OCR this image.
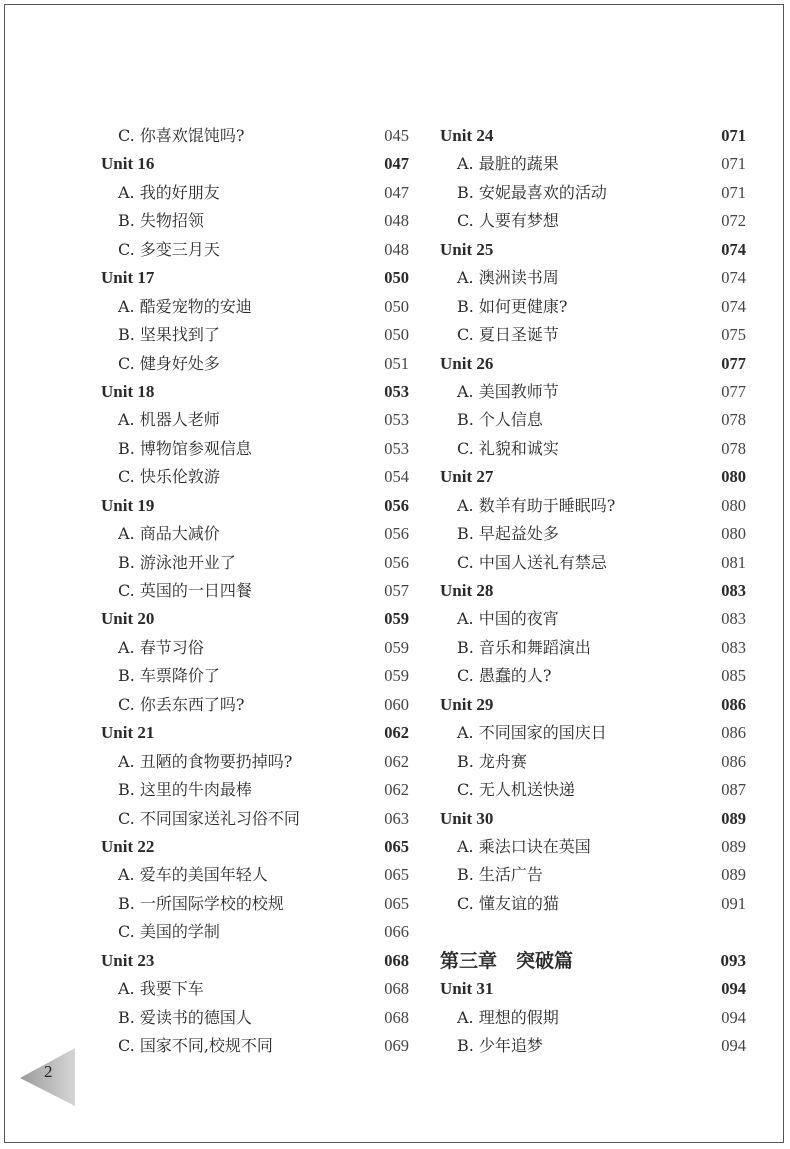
C. 你喜欢馄饨吗?	045
Unit 16	047
A. 我的好朋友	047
B. 失物招领	048
C. 多变三月天	048
Unit 17	050
A. 酷爱宠物的安迪	050
B. 坚果找到了	050
C. 健身好处多	051
Unit 18	053
A. 机器人老师	053
B. 博物馆参观信息	053
C. 快乐伦敦游	054
Unit 19	056
A. 商品大减价	056
B. 游泳池开业了	056
C. 英国的一日四餐	057
Unit 20	059
A. 春节习俗	059
B. 车票降价了	059
C. 你丢东西了吗?	060
Unit 21	062
A. 丑陋的食物要扔掉吗?	062
B. 这里的牛肉最棒	062
C. 不同国家送礼习俗不同	063
Unit 22	065
A. 爱车的美国年轻人	065
B. 一所国际学校的校规	065
C. 美国的学制	066
Unit 23	068
A. 我要下车	068
B. 爱读书的德国人	068
C. 国家不同,校规不同	069
Unit 24	071
A. 最脏的蔬果	071
B. 安妮最喜欢的活动	071
C. 人要有梦想	072
Unit 25	074
A. 澳洲读书周	074
B. 如何更健康?	074
C. 夏日圣诞节	075
Unit 26	077
A. 美国教师节	077
B. 个人信息	078
C. 礼貌和诚实	078
Unit 27	080
A. 数羊有助于睡眠吗?	080
B. 早起益处多	080
C. 中国人送礼有禁忌	081
Unit 28	083
A. 中国的夜宵	083
B. 音乐和舞蹈演出	083
C. 愚蠢的人?	085
Unit 29	086
A. 不同国家的国庆日	086
B. 龙舟赛	086
C. 无人机送快递	087
Unit 30	089
A. 乘法口诀在英国	089
B. 生活广告	089
C. 懂友谊的猫	091
第三章　突破篇	093
Unit 31	094
A. 理想的假期	094
B. 少年追梦	094
2
